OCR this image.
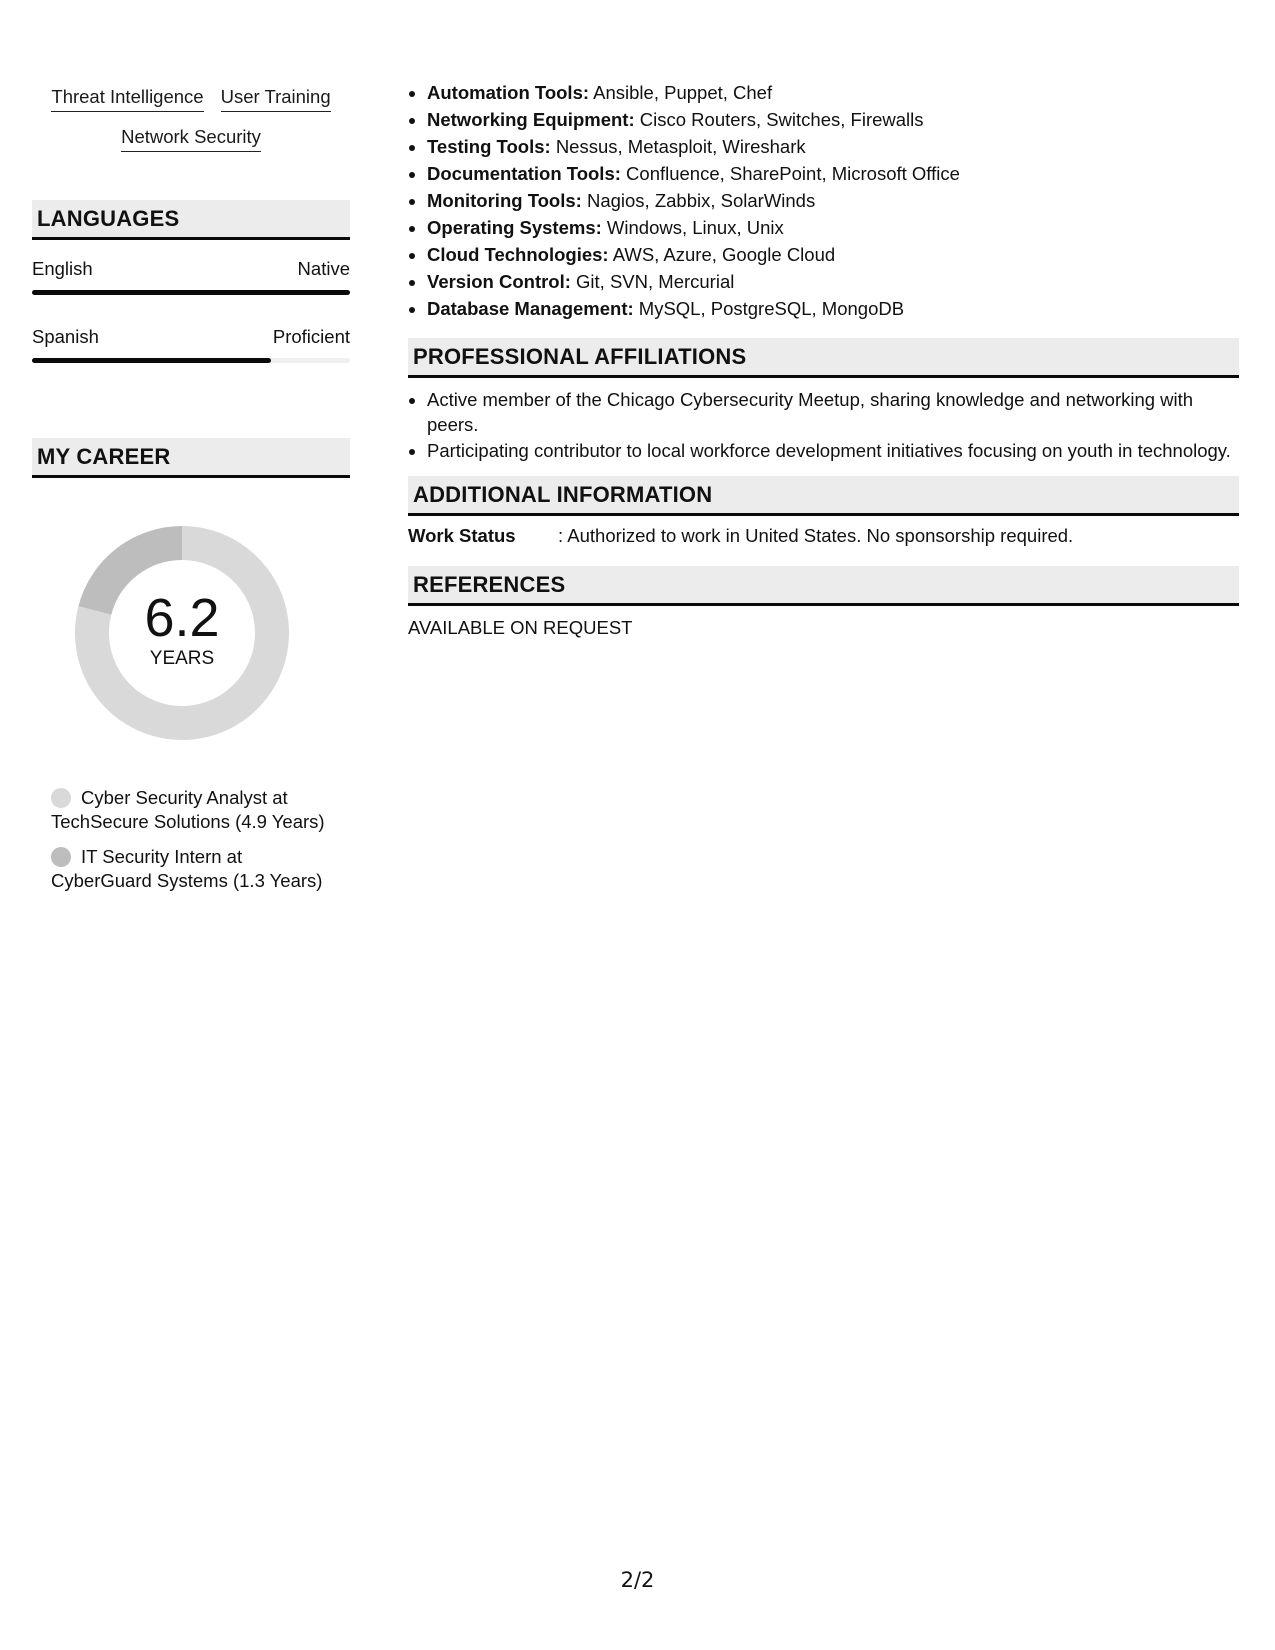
Threat Intelligence User Training
Network Security
LANGUAGES
English	Native
Spanish	Proficient
MY CAREER
6.2
YEARS
Cyber Security Analyst at TechSecure Solutions (4.9 Years)
IT Security Intern at CyberGuard Systems (1.3 Years)
• Automation Tools: Ansible, Puppet, Chef
• Networking Equipment: Cisco Routers, Switches, Firewalls
• Testing Tools: Nessus, Metasploit, Wireshark
• Documentation Tools: Confluence, SharePoint, Microsoft Office
• Monitoring Tools: Nagios, Zabbix, SolarWinds
• Operating Systems: Windows, Linux, Unix
• Cloud Technologies: AWS, Azure, Google Cloud
• Version Control: Git, SVN, Mercurial
• Database Management: MySQL, PostgreSQL, MongoDB
PROFESSIONAL AFFILIATIONS
• Active member of the Chicago Cybersecurity Meetup, sharing knowledge and networking with peers.
• Participating contributor to local workforce development initiatives focusing on youth in technology.
ADDITIONAL INFORMATION
Work Status	: Authorized to work in United States. No sponsorship required.
REFERENCES
AVAILABLE ON REQUEST
2/2
